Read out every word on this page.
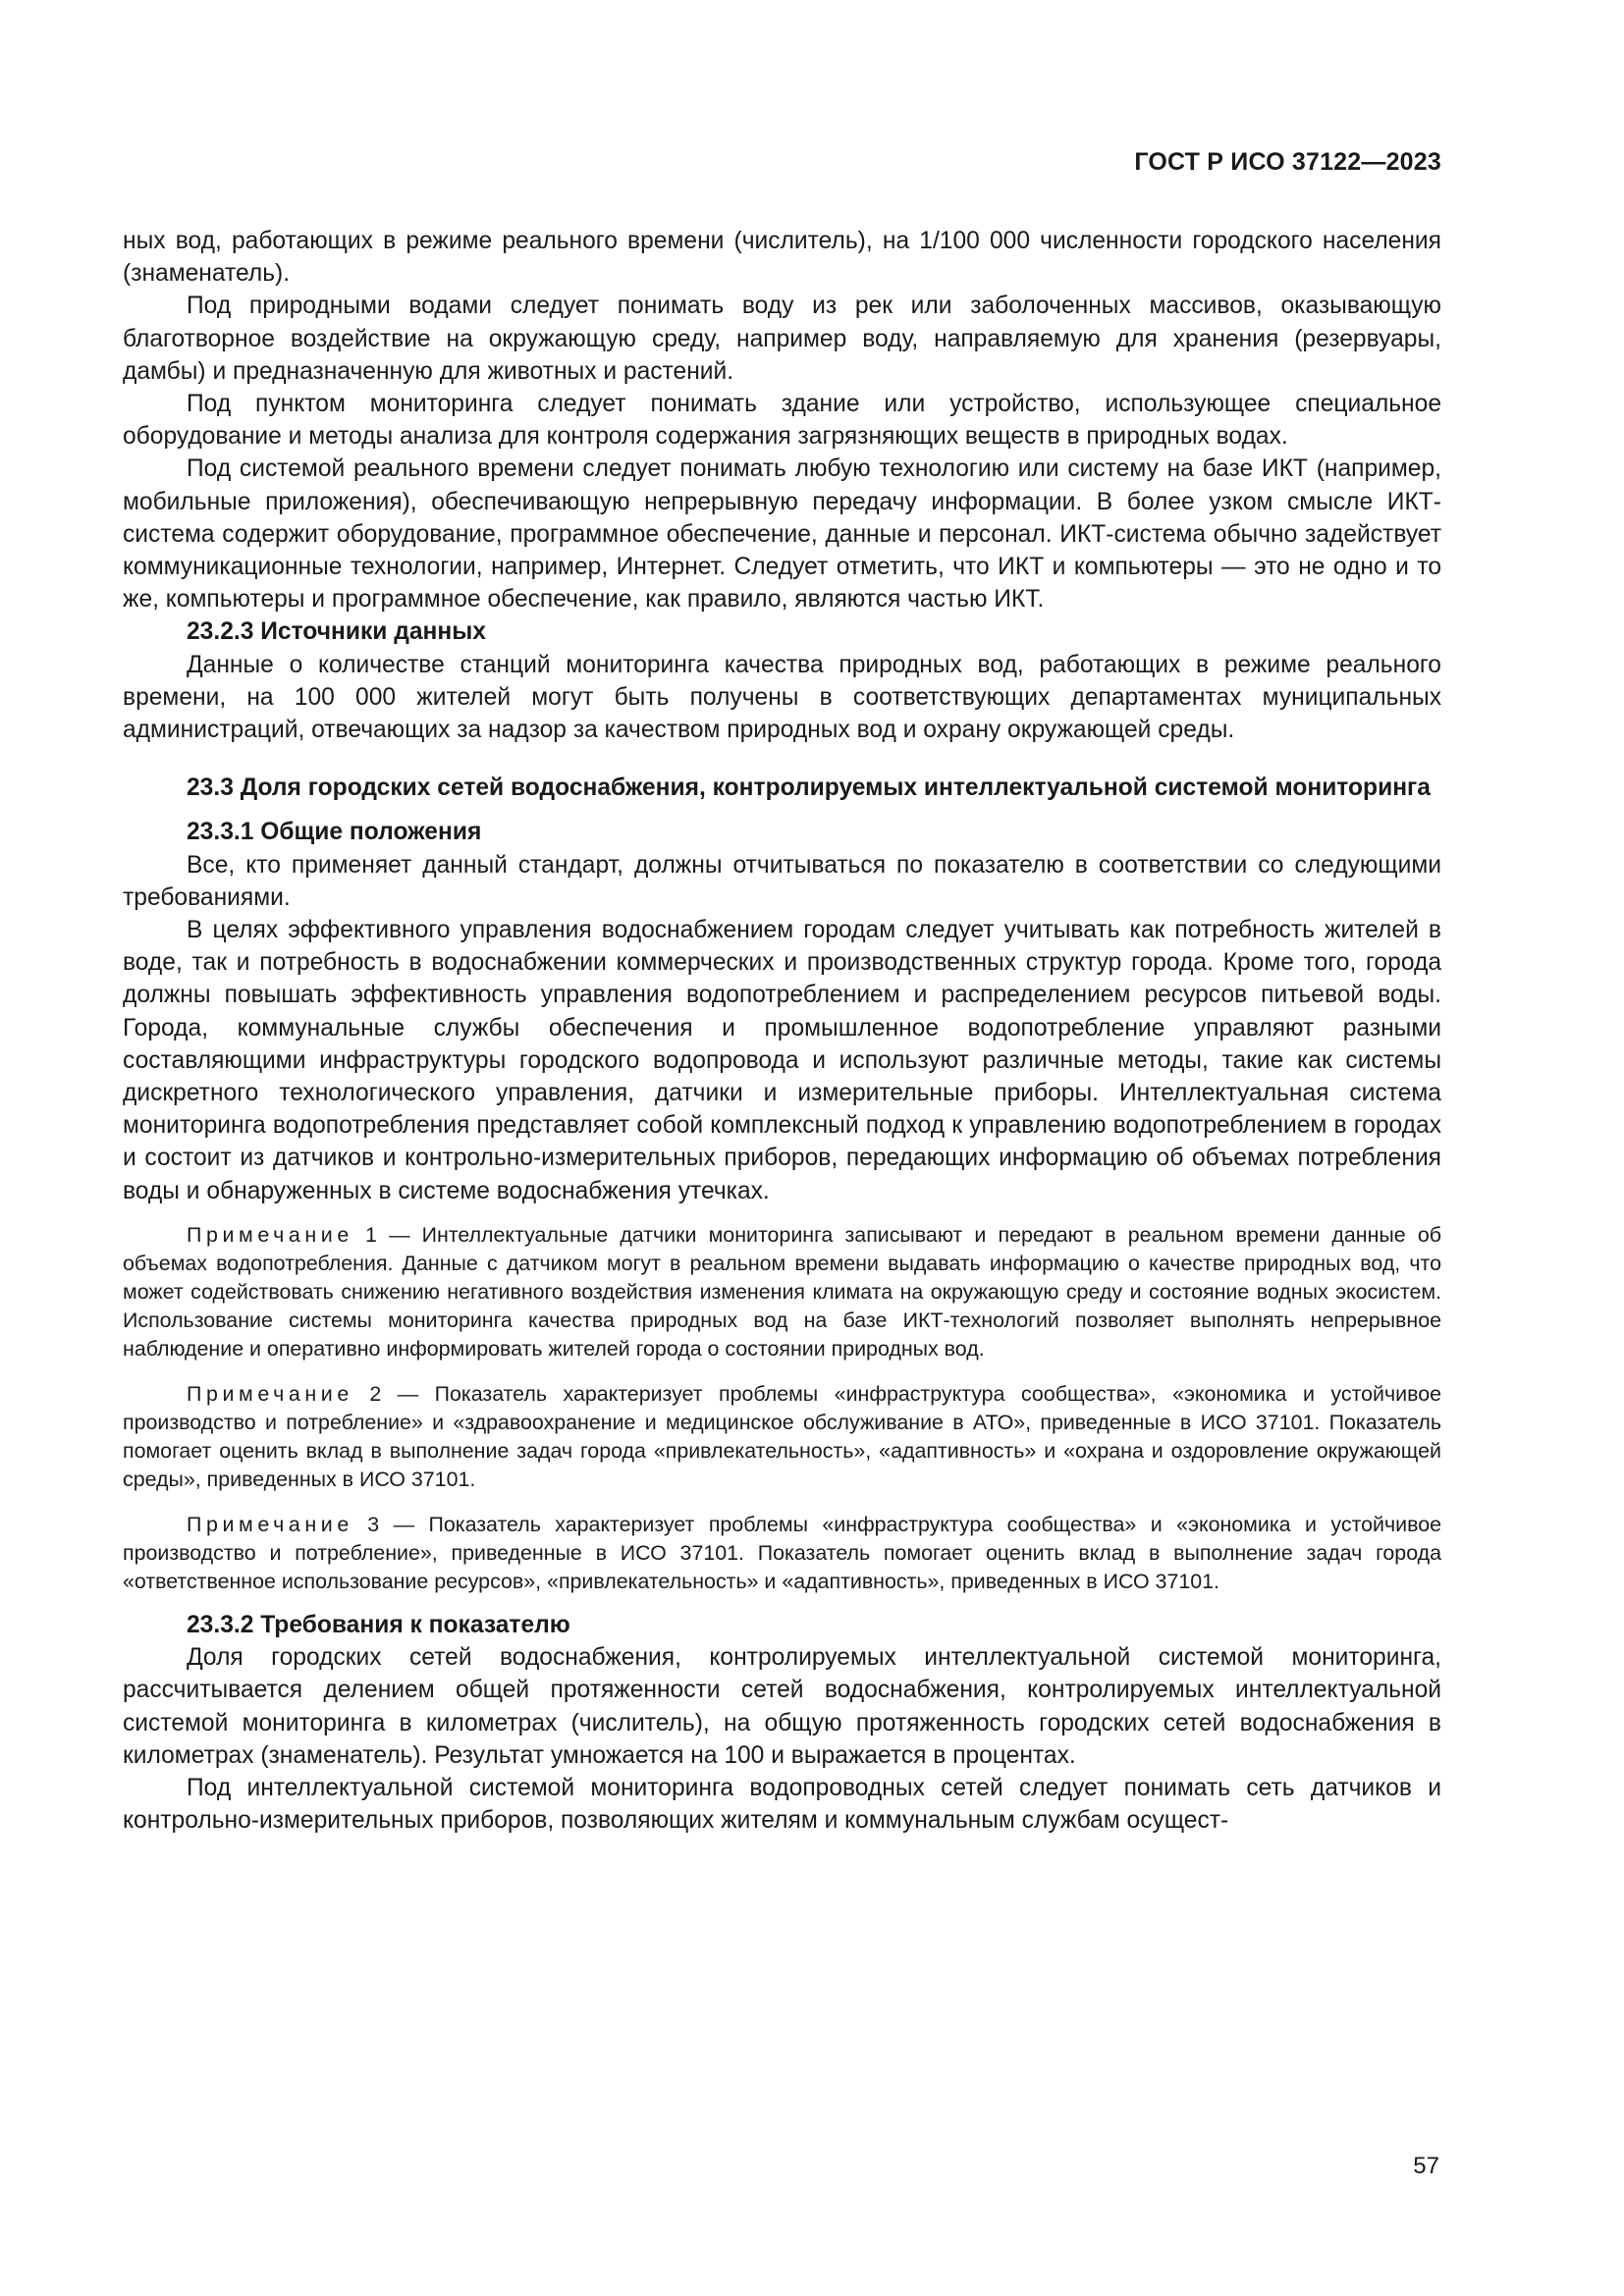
ГОСТ Р ИСО 37122—2023

ных вод, работающих в режиме реального времени (числитель), на 1/100 000 численности городского населения (знаменатель).

Под природными водами следует понимать воду из рек или заболоченных массивов, оказывающую благотворное воздействие на окружающую среду, например воду, направляемую для хранения (резервуары, дамбы) и предназначенную для животных и растений.

Под пунктом мониторинга следует понимать здание или устройство, использующее специальное оборудование и методы анализа для контроля содержания загрязняющих веществ в природных водах.

Под системой реального времени следует понимать любую технологию или систему на базе ИКТ (например, мобильные приложения), обеспечивающую непрерывную передачу информации. В более узком смысле ИКТ-система содержит оборудование, программное обеспечение, данные и персонал. ИКТ-система обычно задействует коммуникационные технологии, например, Интернет. Следует отметить, что ИКТ и компьютеры — это не одно и то же, компьютеры и программное обеспечение, как правило, являются частью ИКТ.

23.2.3 Источники данных

Данные о количестве станций мониторинга качества природных вод, работающих в режиме реального времени, на 100 000 жителей могут быть получены в соответствующих департаментах муниципальных администраций, отвечающих за надзор за качеством природных вод и охрану окружающей среды.

23.3 Доля городских сетей водоснабжения, контролируемых интеллектуальной системой мониторинга
23.3.1 Общие положения

Все, кто применяет данный стандарт, должны отчитываться по показателю в соответствии со следующими требованиями.

В целях эффективного управления водоснабжением городам следует учитывать как потребность жителей в воде, так и потребность в водоснабжении коммерческих и производственных структур города. Кроме того, города должны повышать эффективность управления водопотреблением и распределением ресурсов питьевой воды. Города, коммунальные службы обеспечения и промышленное водопотребление управляют разными составляющими инфраструктуры городского водопровода и используют различные методы, такие как системы дискретного технологического управления, датчики и измерительные приборы. Интеллектуальная система мониторинга водопотребления представляет собой комплексный подход к управлению водопотреблением в городах и состоит из датчиков и контрольно-измерительных приборов, передающих информацию об объемах потребления воды и обнаруженных в системе водоснабжения утечках.

Примечание 1 — Интеллектуальные датчики мониторинга записывают и передают в реальном времени данные об объемах водопотребления. Данные с датчиком могут в реальном времени выдавать информацию о качестве природных вод, что может содействовать снижению негативного воздействия изменения климата на окружающую среду и состояние водных экосистем. Использование системы мониторинга качества природных вод на базе ИКТ-технологий позволяет выполнять непрерывное наблюдение и оперативно информировать жителей города о состоянии природных вод.

Примечание 2 — Показатель характеризует проблемы «инфраструктура сообщества», «экономика и устойчивое производство и потребление» и «здравоохранение и медицинское обслуживание в АТО», приведенные в ИСО 37101. Показатель помогает оценить вклад в выполнение задач города «привлекательность», «адаптивность» и «охрана и оздоровление окружающей среды», приведенных в ИСО 37101.

Примечание 3 — Показатель характеризует проблемы «инфраструктура сообщества» и «экономика и устойчивое производство и потребление», приведенные в ИСО 37101. Показатель помогает оценить вклад в выполнение задач города «ответственное использование ресурсов», «привлекательность» и «адаптивность», приведенных в ИСО 37101.

23.3.2 Требования к показателю

Доля городских сетей водоснабжения, контролируемых интеллектуальной системой мониторинга, рассчитывается делением общей протяженности сетей водоснабжения, контролируемых интеллектуальной системой мониторинга в километрах (числитель), на общую протяженность городских сетей водоснабжения в километрах (знаменатель). Результат умножается на 100 и выражается в процентах.

Под интеллектуальной системой мониторинга водопроводных сетей следует понимать сеть датчиков и контрольно-измерительных приборов, позволяющих жителям и коммунальным службам осущест-

57
